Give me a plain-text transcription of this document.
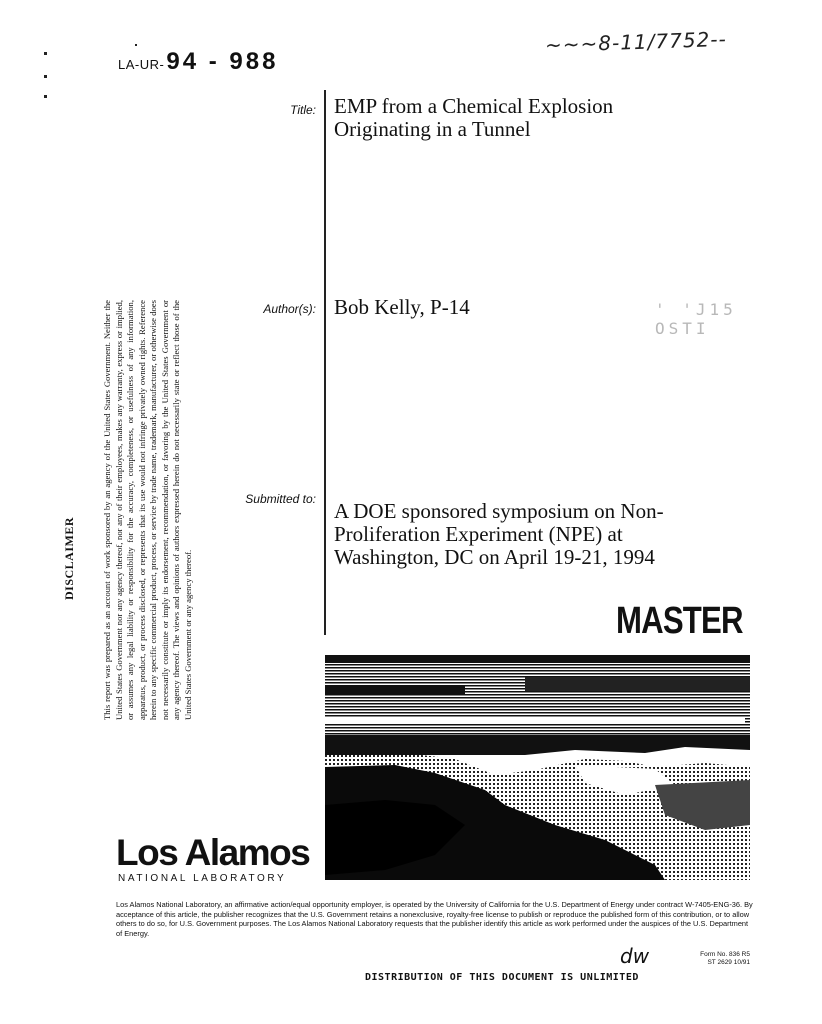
LA-UR-94 - 988
~~~8-11/7752--
Title: EMP from a Chemical Explosion
Originating in a Tunnel
Author(s): Bob Kelly, P-14
Submitted to: A DOE sponsored symposium on Non-
Proliferation Experiment (NPE) at
Washington, DC on April 19-21, 1994
' 'J15
OSTI
DISCLAIMER	This report was prepared as an account of work sponsored by an agency of the United States Government. Neither the United States Government nor any agency thereof, nor any of their employees, makes any warranty, express or implied, or assumes any legal liability or responsibility for the accuracy, completeness, or usefulness of any information, apparatus, product, or process disclosed, or represents that its use would not infringe privately owned rights. Reference herein to any specific commercial product, process, or service by trade name, trademark, manufacturer, or otherwise does not necessarily constitute or imply its endorsement, recommendation, or favoring by the United States Government or any agency thereof. The views and opinions of authors expressed herein do not necessarily state or reflect those of the United States Government or any agency thereof.	MASTER
Los Alamos
NATIONAL LABORATORY
Los Alamos National Laboratory, an affirmative action/equal opportunity employer, is operated by the University of California for the U.S. Department of Energy under contract W-7405-ENG-36. By acceptance of this article, the publisher recognizes that the U.S. Government retains a nonexclusive, royalty-free license to publish or reproduce the published form of this contribution, or to allow others to do so, for U.S. Government purposes. The Los Alamos National Laboratory requests that the publisher identify this article as work performed under the auspices of the U.S. Department of Energy.
dw	Form No. 836 R5
ST 2629 10/91
DISTRIBUTION OF THIS DOCUMENT IS UNLIMITED
